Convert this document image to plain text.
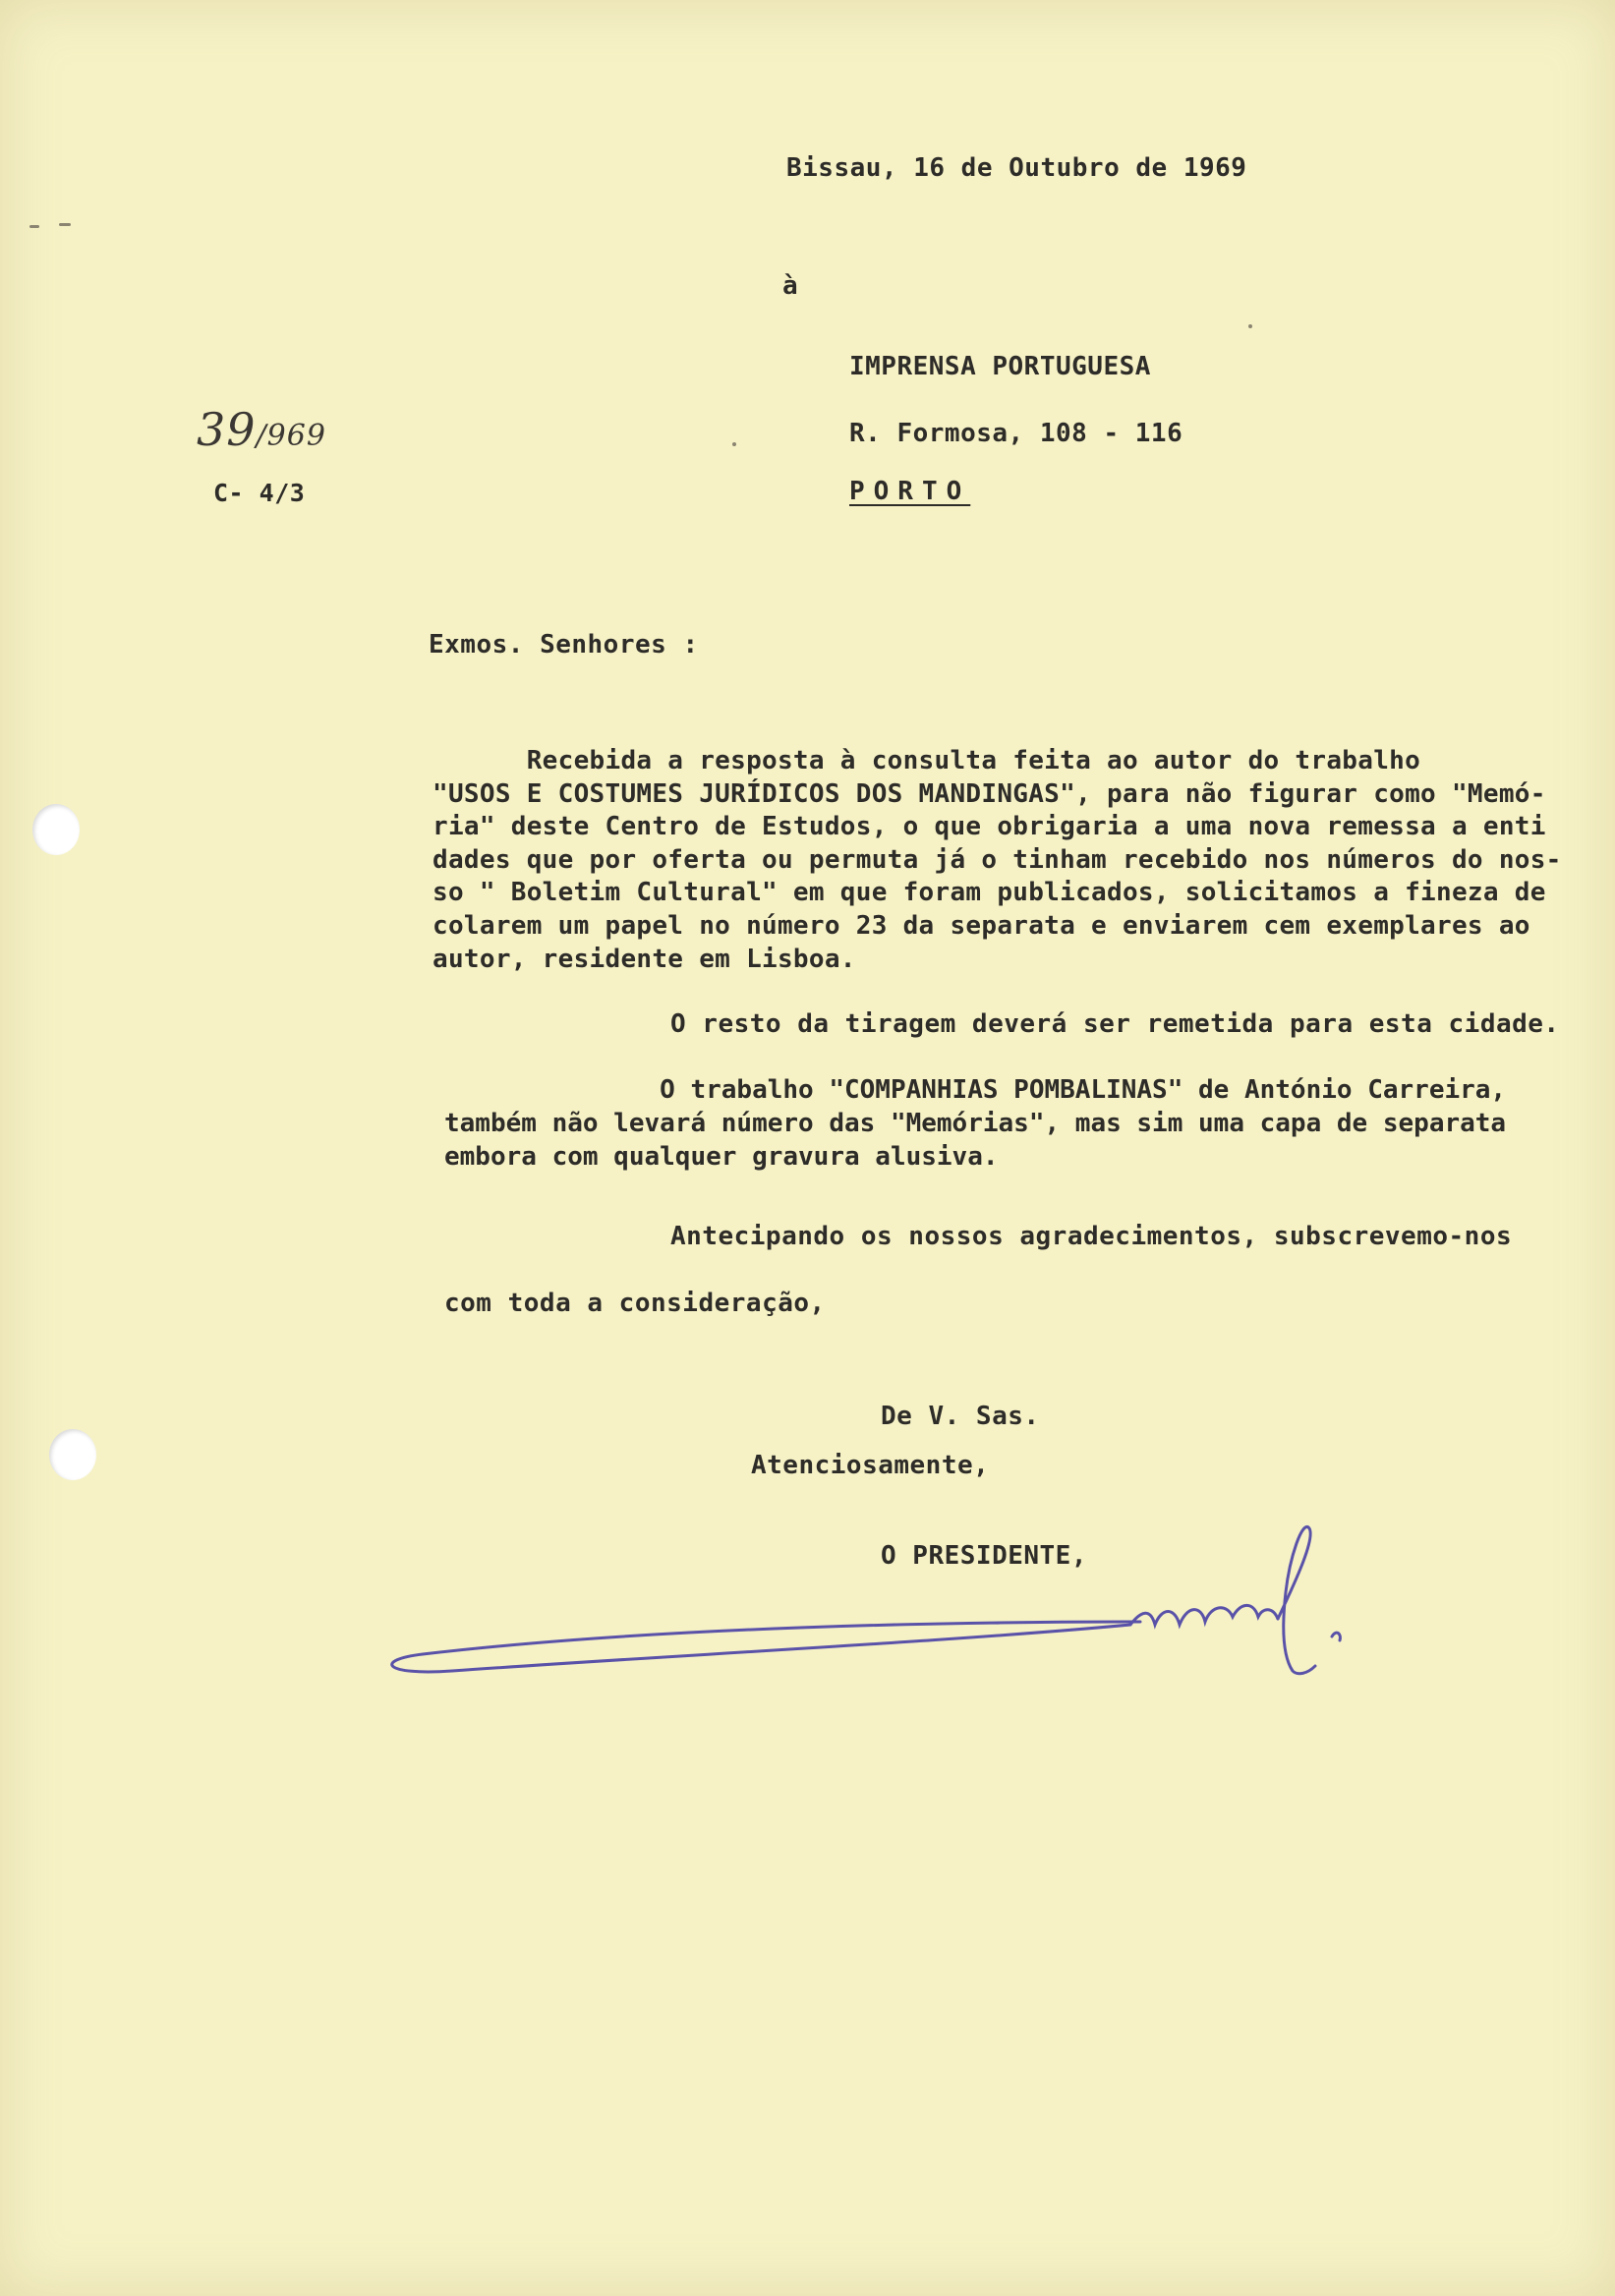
Bissau, 16 de Outubro de 1969
à
IMPRENSA PORTUGUESA
R. Formosa, 108 - 116
PORTO
39/969
C- 4/3
Exmos. Senhores :
Recebida a resposta à consulta feita ao autor do trabalho
"USOS E COSTUMES JURÍDICOS DOS MANDINGAS", para não figurar como "Memó-
ria" deste Centro de Estudos, o que obrigaria a uma nova remessa a enti
dades que por oferta ou permuta já o tinham recebido nos números do nos-
so " Boletim Cultural" em que foram publicados, solicitamos a fineza de
colarem um papel no número 23 da separata e enviarem cem exemplares ao
autor, residente em Lisboa.
O resto da tiragem deverá ser remetida para esta cidade.
O trabalho "COMPANHIAS POMBALINAS" de António Carreira,
também não levará número das "Memórias", mas sim uma capa de separata
embora com qualquer gravura alusiva.
Antecipando os nossos agradecimentos, subscrevemo-nos
com toda a consideração,
De V. Sas.
Atenciosamente,
O PRESIDENTE,
